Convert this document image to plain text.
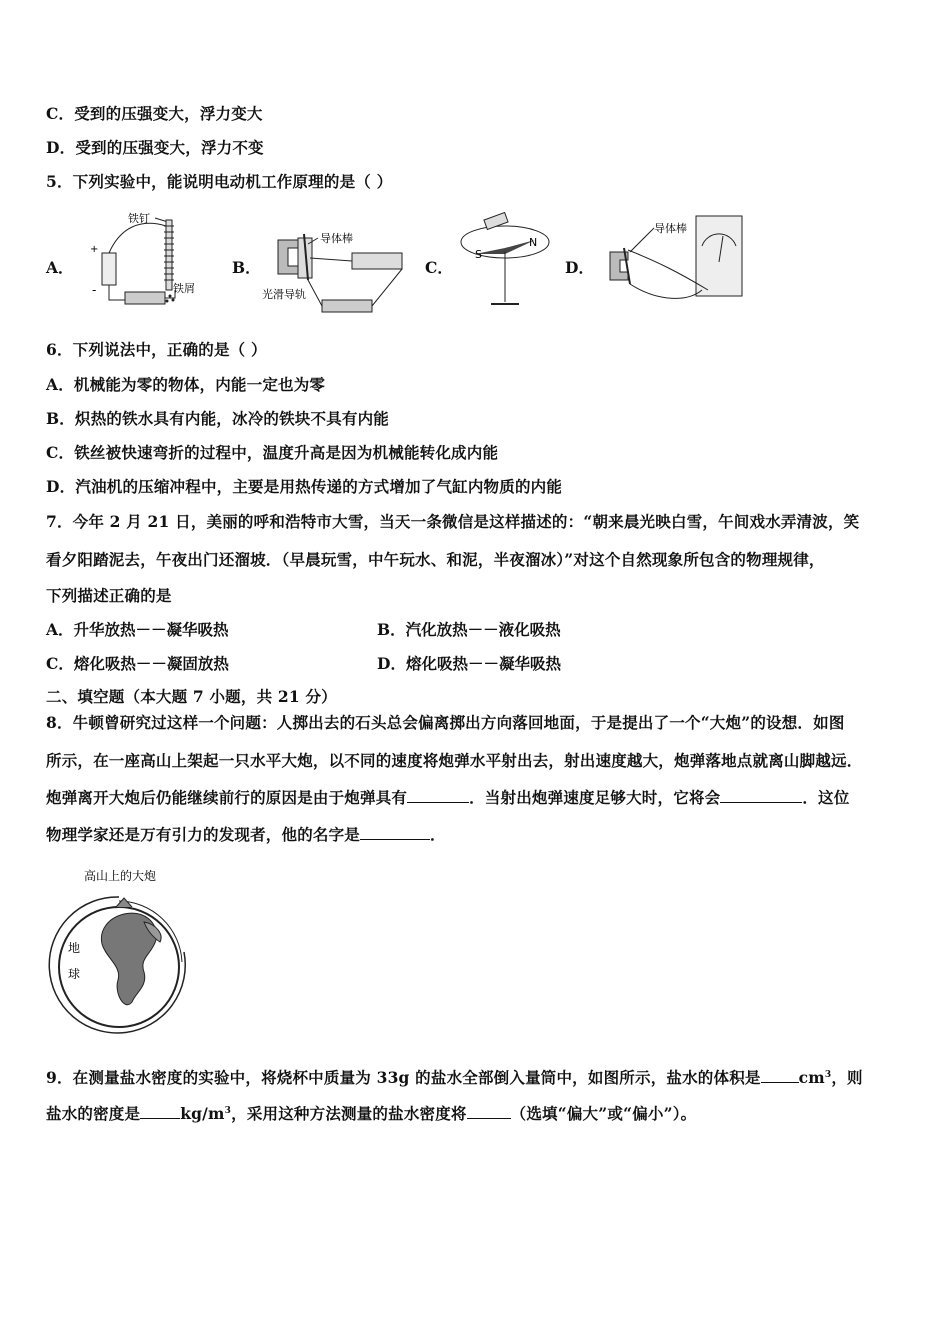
C．受到的压强变大，浮力变大
D．受到的压强变大，浮力不变
5．下列实验中，能说明电动机工作原理的是（ ）
A．	B．	C．	D．
铁钉
+
-	铁屑
导体棒
光滑导轨
S
N
导体棒
6．下列说法中，正确的是（ ）
A．机械能为零的物体，内能一定也为零
B．炽热的铁水具有内能，冰冷的铁块不具有内能
C．铁丝被快速弯折的过程中，温度升高是因为机械能转化成内能
D．汽油机的压缩冲程中，主要是用热传递的方式增加了气缸内物质的内能
7．今年 2 月 21 日，美丽的呼和浩特市大雪，当天一条微信是这样描述的：“朝来晨光映白雪，午间戏水弄清波，笑
看夕阳踏泥去，午夜出门还溜坡．（早晨玩雪，中午玩水、和泥，半夜溜冰）”对这个自然现象所包含的物理规律，
下列描述正确的是
A．升华放热－－凝华吸热	B．汽化放热－－液化吸热
C．熔化吸热－－凝固放热	D．熔化吸热－－凝华吸热
二、填空题（本大题 7 小题，共 21 分）
8．牛顿曾研究过这样一个问题：人掷出去的石头总会偏离掷出方向落回地面，于是提出了一个“大炮”的设想．如图
所示，在一座高山上架起一只水平大炮，以不同的速度将炮弹水平射出去，射出速度越大，炮弹落地点就离山脚越远．
炮弹离开大炮后仍能继续前行的原因是由于炮弹具有	．当射出炮弹速度足够大时，它将会	．这位
物理学家还是万有引力的发现者，他的名字是	．
高山上的大炮
地
球
9．在测量盐水密度的实验中，将烧杯中质量为 33g 的盐水全部倒入量筒中，如图所示，盐水的体积是 $cm^3$，则
盐水的密度是	$kg/m^3$，采用这种方法测量的盐水密度将	（选填“偏大”或“偏小”）。
